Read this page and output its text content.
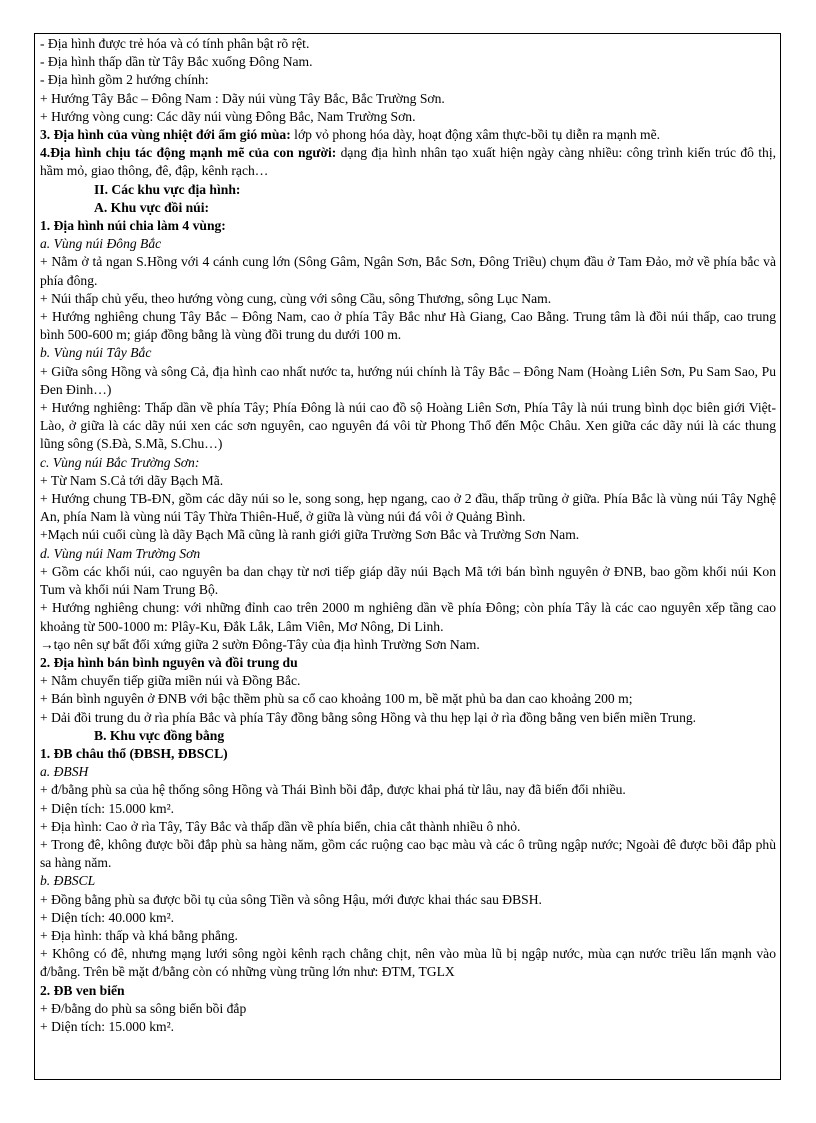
- Địa hình được trẻ hóa và có tính phân bật rõ rệt.
- Địa hình thấp dần từ Tây Bắc xuống Đông Nam.
- Địa hình gồm 2 hướng chính:
+ Hướng Tây Bắc – Đông Nam : Dãy núi vùng Tây Bắc, Bắc Trường Sơn.
+ Hướng vòng cung: Các dãy núi vùng Đông Bắc, Nam Trường Sơn.
3. Địa hình của vùng nhiệt đới ẩm gió mùa: lớp vỏ phong hóa dày, hoạt động xâm thực-bồi tụ diễn ra mạnh mẽ.
4.Địa hình chịu tác động mạnh mẽ của con người: dạng địa hình nhân tạo xuất hiện ngày càng nhiều: công trình kiến trúc đô thị, hầm mỏ, giao thông, đê, đập, kênh rạch…
II. Các khu vực địa hình:
A. Khu vực đồi núi:
1. Địa hình núi chia làm 4 vùng:
a. Vùng núi Đông Bắc
+ Nằm ở tả ngan S.Hồng với 4 cánh cung lớn (Sông Gâm, Ngân Sơn, Bắc Sơn, Đông Triều) chụm đầu ở Tam Đảo, mở về phía bắc và phía đông.
+ Núi thấp chủ yếu, theo hướng vòng cung, cùng với sông Cầu, sông Thương, sông Lục Nam.
+ Hướng nghiêng chung Tây Bắc – Đông Nam, cao ở phía Tây Bắc như Hà Giang, Cao Bằng. Trung tâm là đồi núi thấp, cao trung bình 500-600 m; giáp đồng bằng là vùng đồi trung du dưới 100 m.
b. Vùng núi Tây Bắc
+ Giữa sông Hồng và sông Cả, địa hình cao nhất nước ta, hướng núi chính là Tây Bắc – Đông Nam (Hoàng Liên Sơn, Pu Sam Sao, Pu Đen Đinh…)
+ Hướng nghiêng: Thấp dần về phía Tây; Phía Đông là núi cao đồ sộ Hoàng Liên Sơn, Phía Tây là núi trung bình dọc biên giới Việt-Lào, ở giữa là các dãy núi xen các sơn nguyên, cao nguyên đá vôi từ Phong Thổ đến Mộc Châu. Xen giữa các dãy núi là các thung lũng sông (S.Đà, S.Mã, S.Chu…)
c. Vùng núi Bắc Trường Sơn:
+ Từ Nam S.Cả tới dãy Bạch Mã.
+ Hướng chung TB-ĐN, gồm các dãy núi so le, song song, hẹp ngang, cao ở 2 đầu, thấp trũng ở giữa. Phía Bắc là vùng núi Tây Nghệ An, phía Nam là vùng núi Tây Thừa Thiên-Huế, ở giữa là vùng núi đá vôi ở Quảng Bình.
+Mạch núi cuối cùng là dãy Bạch Mã cũng là ranh giới giữa Trường Sơn Bắc và Trường Sơn Nam.
d. Vùng núi Nam Trường Sơn
+ Gồm các khối núi, cao nguyên ba dan chạy từ nơi tiếp giáp dãy núi Bạch Mã tới bán bình nguyên ở ĐNB, bao gồm khối núi Kon Tum và khối núi Nam Trung Bộ.
+ Hướng nghiêng chung: với những đỉnh cao trên 2000 m nghiêng dần về phía Đông; còn phía Tây là các cao nguyên xếp tầng cao khoảng từ 500-1000 m: Plây-Ku, Đắk Lắk, Lâm Viên, Mơ Nông, Di Linh.
→tạo nên sự bất đối xứng giữa 2 sườn Đông-Tây của địa hình Trường Sơn Nam.
2. Địa hình bán bình nguyên và đồi trung du
+ Nằm chuyển tiếp giữa miền núi và Đồng Bắc.
+ Bán bình nguyên ở ĐNB với bậc thềm phù sa cổ cao khoảng 100 m, bề mặt phủ ba dan cao khoảng 200 m;
+ Dải đồi trung du ở rìa phía Bắc và phía Tây đồng bằng sông Hồng và thu hẹp lại ở rìa đồng bằng ven biển miền Trung.
B. Khu vực đồng bằng
1. ĐB châu thổ (ĐBSH, ĐBSCL)
a. ĐBSH
+ đ/bằng phù sa của hệ thống sông Hồng và Thái Bình bồi đắp, được khai phá từ lâu, nay đã biến đổi nhiều.
+ Diện tích: 15.000 km².
+ Địa hình: Cao ở rìa Tây, Tây Bắc và thấp dần về phía biển, chia cắt thành nhiều ô nhỏ.
+ Trong đê, không được bồi đắp phù sa hàng năm, gồm các ruộng cao bạc màu và các ô trũng ngập nước; Ngoài đê được bồi đắp phù sa hàng năm.
b. ĐBSCL
+ Đồng bằng phù sa được bồi tụ của sông Tiền và sông Hậu, mới được khai thác sau ĐBSH.
+ Diện tích: 40.000 km².
+ Địa hình: thấp và khá bằng phẳng.
+ Không có đê, nhưng mạng lưới sông ngòi kênh rạch chằng chịt, nên vào mùa lũ bị ngập nước, mùa cạn nước triều lấn mạnh vào đ/bằng. Trên bề mặt đ/bằng còn có những vùng trũng lớn như: ĐTM, TGLX
2. ĐB ven biển
+ Đ/bằng do phù sa sông biển bồi đắp
+ Diện tích: 15.000 km².
